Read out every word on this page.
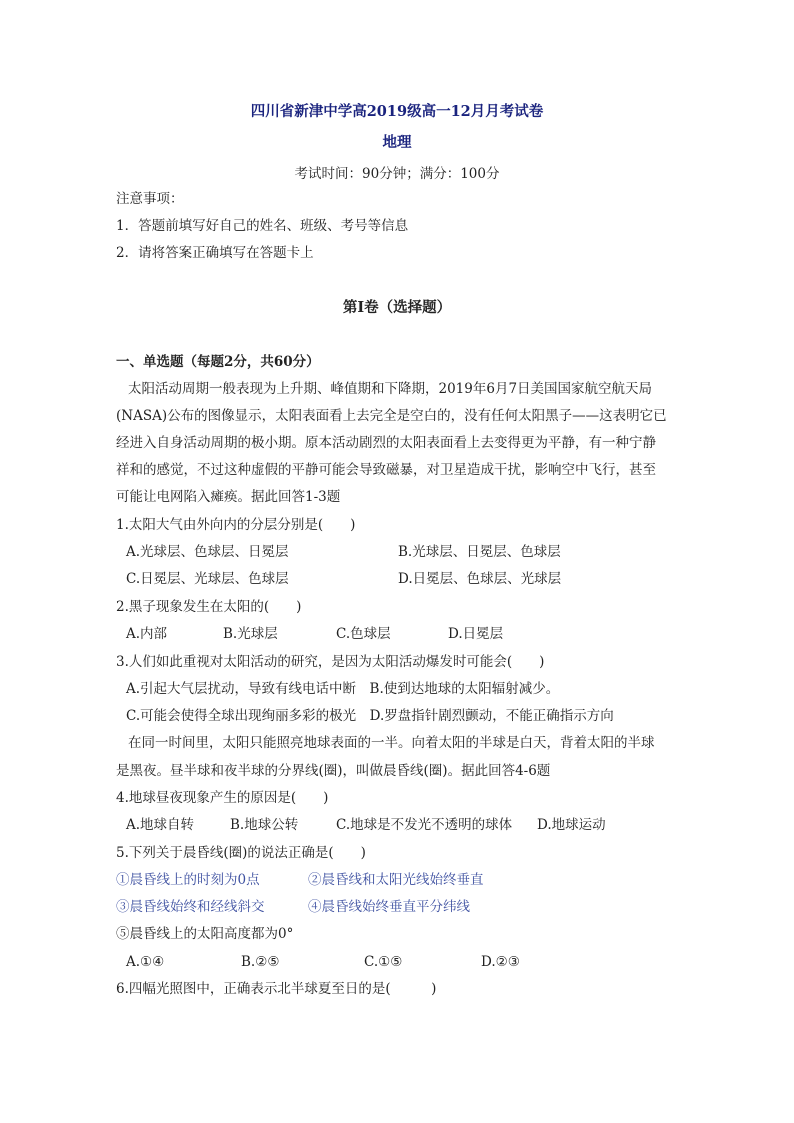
四川省新津中学高2019级高一12月月考试卷
地理
考试时间：90分钟；满分：100分
注意事项：
1．答题前填写好自己的姓名、班级、考号等信息
2．请将答案正确填写在答题卡上
第I卷（选择题）
一、单选题（每题2分，共60分）
太阳活动周期一般表现为上升期、峰值期和下降期，2019年6月7日美国国家航空航天局
(NASA)公布的图像显示，太阳表面看上去完全是空白的，没有任何太阳黑子——这表明它已
经进入自身活动周期的极小期。原本活动剧烈的太阳表面看上去变得更为平静，有一种宁静
祥和的感觉，不过这种虚假的平静可能会导致磁暴，对卫星造成干扰，影响空中飞行，甚至
可能让电网陷入瘫痪。据此回答1-3题
1.太阳大气由外向内的分层分别是(　　)
A.光球层、色球层、日冕层	B.光球层、日冕层、色球层
C.日冕层、光球层、色球层	D.日冕层、色球层、光球层
2.黑子现象发生在太阳的(　　)
A.内部	B.光球层	C.色球层	D.日冕层
3.人们如此重视对太阳活动的研究，是因为太阳活动爆发时可能会(　　)
A.引起大气层扰动，导致有线电话中断　B.使到达地球的太阳辐射减少。
C.可能会使得全球出现绚丽多彩的极光　D.罗盘指针剧烈颤动，不能正确指示方向
在同一时间里，太阳只能照亮地球表面的一半。向着太阳的半球是白天，背着太阳的半球
是黑夜。昼半球和夜半球的分界线(圈)，叫做晨昏线(圈)。据此回答4-6题
4.地球昼夜现象产生的原因是(　　)
A.地球自转	B.地球公转	C.地球是不发光不透明的球体 D.地球运动
5.下列关于晨昏线(圈)的说法正确是(　　)
①晨昏线上的时刻为0点	②晨昏线和太阳光线始终垂直
③晨昏线始终和经线斜交	④晨昏线始终垂直平分纬线
⑤晨昏线上的太阳高度都为0°
A.①④	B.②⑤	C.①⑤	D.②③
6.四幅光照图中，正确表示北半球夏至日的是(　　　)
